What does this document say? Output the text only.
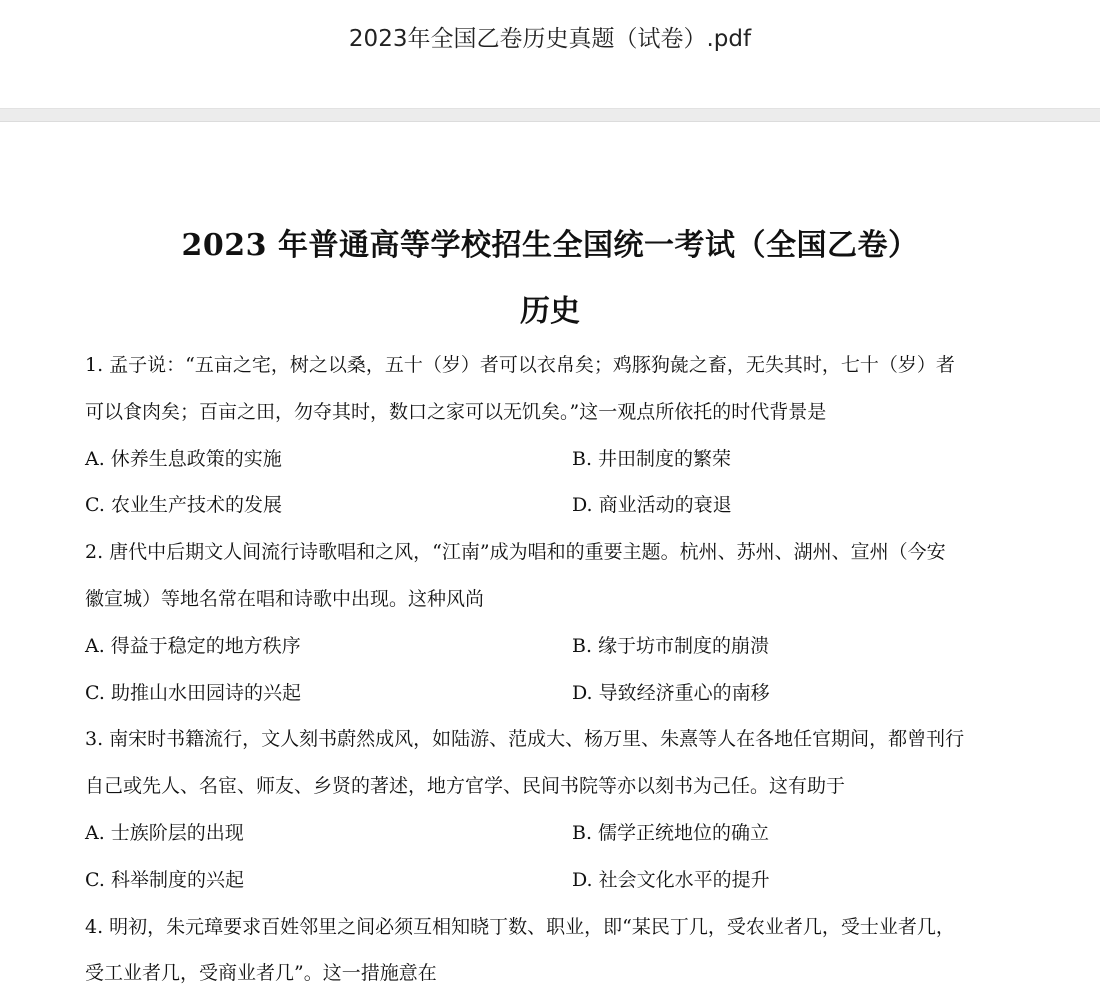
2023年全国乙卷历史真题（试卷）.pdf
2023 年普通高等学校招生全国统一考试（全国乙卷）
历史
1. 孟子说：“五亩之宅，树之以桑，五十（岁）者可以衣帛矣；鸡豚狗彘之畜，无失其时，七十（岁）者
可以食肉矣；百亩之田，勿夺其时，数口之家可以无饥矣。”这一观点所依托的时代背景是
A. 休养生息政策的实施	B. 井田制度的繁荣
C. 农业生产技术的发展	D. 商业活动的衰退
2. 唐代中后期文人间流行诗歌唱和之风，“江南”成为唱和的重要主题。杭州、苏州、湖州、宣州（今安
徽宣城）等地名常在唱和诗歌中出现。这种风尚
A. 得益于稳定的地方秩序	B. 缘于坊市制度的崩溃
C. 助推山水田园诗的兴起	D. 导致经济重心的南移
3. 南宋时书籍流行，文人刻书蔚然成风，如陆游、范成大、杨万里、朱熹等人在各地任官期间，都曾刊行
自己或先人、名宦、师友、乡贤的著述，地方官学、民间书院等亦以刻书为己任。这有助于
A. 士族阶层的出现	B. 儒学正统地位的确立
C. 科举制度的兴起	D. 社会文化水平的提升
4. 明初，朱元璋要求百姓邻里之间必须互相知晓丁数、职业，即“某民丁几，受农业者几，受士业者几，
受工业者几，受商业者几”。这一措施意在
